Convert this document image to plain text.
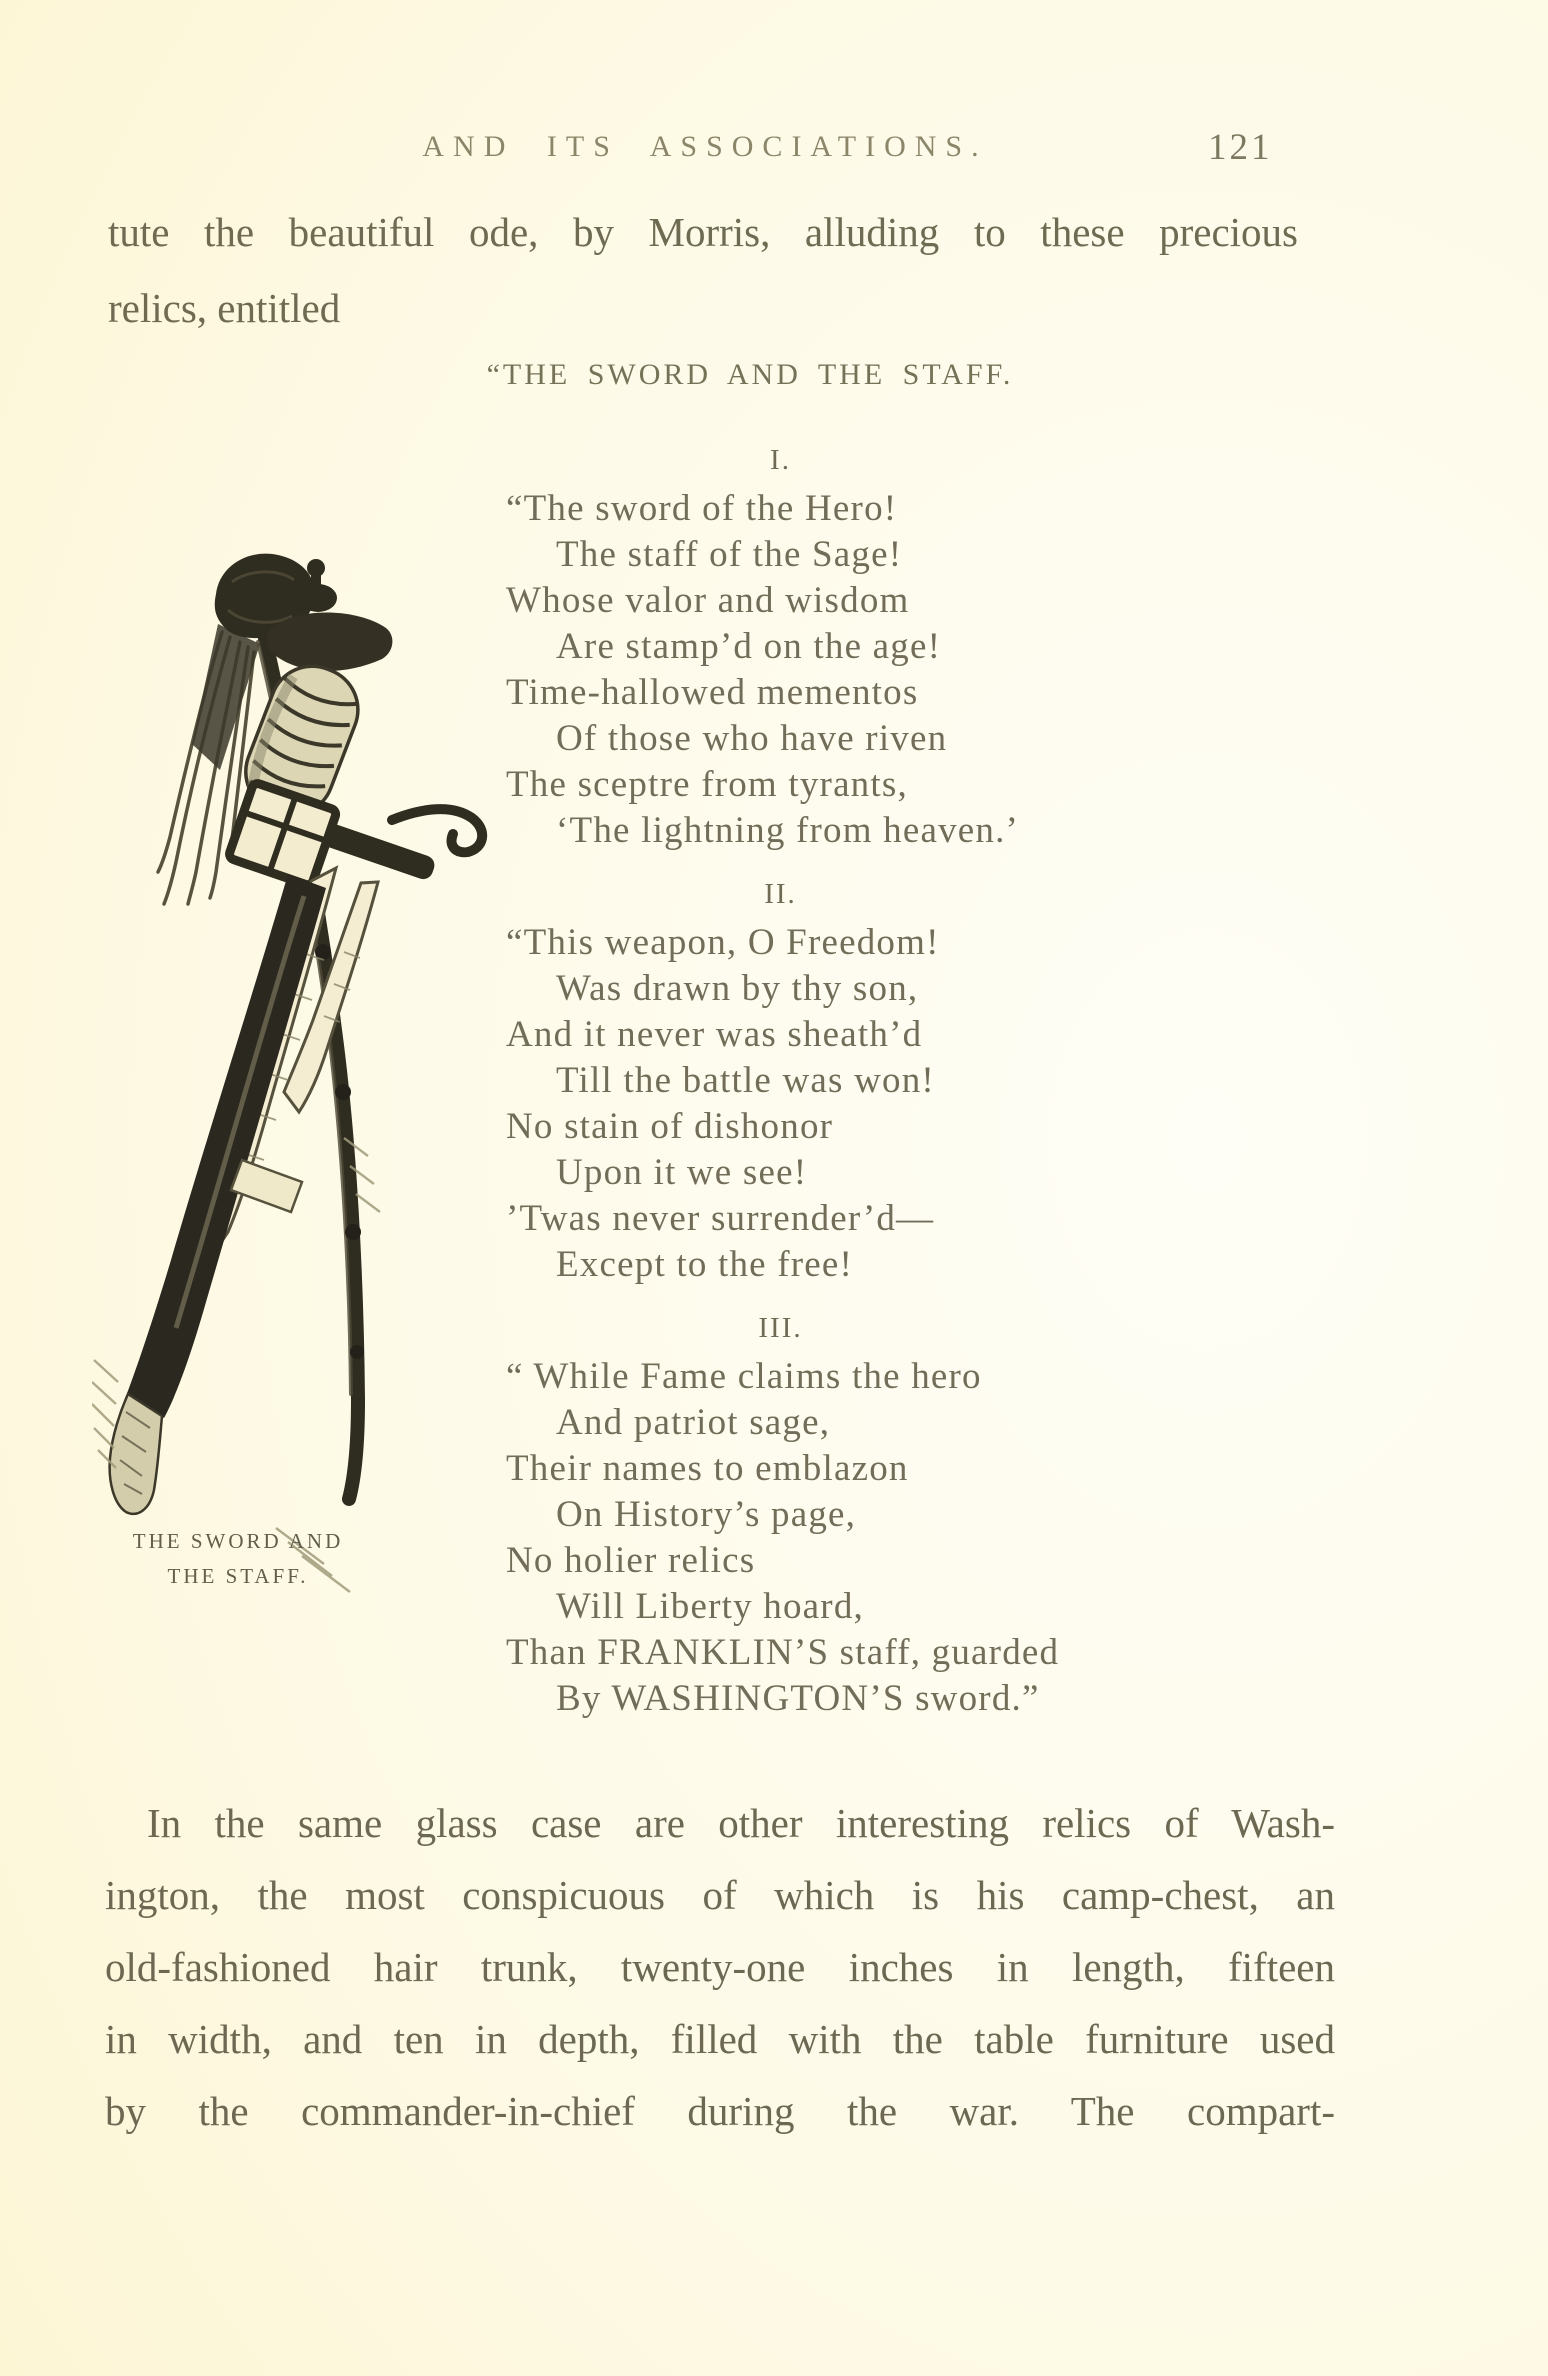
AND ITS ASSOCIATIONS.	121
tute the beautiful ode, by Morris, alluding to these precious
relics, entitled
“THE SWORD AND THE STAFF.
I.
“The sword of the Hero!
The staff of the Sage!
Whose valor and wisdom
Are stamp’d on the age!
Time-hallowed mementos
Of those who have riven
The sceptre from tyrants,
‘The lightning from heaven.’
II.
“This weapon, O Freedom!
Was drawn by thy son,
And it never was sheath’d
Till the battle was won!
No stain of dishonor
Upon it we see!
’Twas never surrender’d—
Except to the free!
III.
“ While Fame claims the hero
And patriot sage,
Their names to emblazon
On History’s page,
No holier relics
Will Liberty hoard,
Than FRANKLIN’S staff, guarded
By WASHINGTON’S sword.”
THE SWORD AND
THE STAFF.
In the same glass case are other interesting relics of Wash-
ington, the most conspicuous of which is his camp-chest, an
old-fashioned hair trunk, twenty-one inches in length, fifteen
in width, and ten in depth, filled with the table furniture used
by the commander-in-chief during the war. The compart-
